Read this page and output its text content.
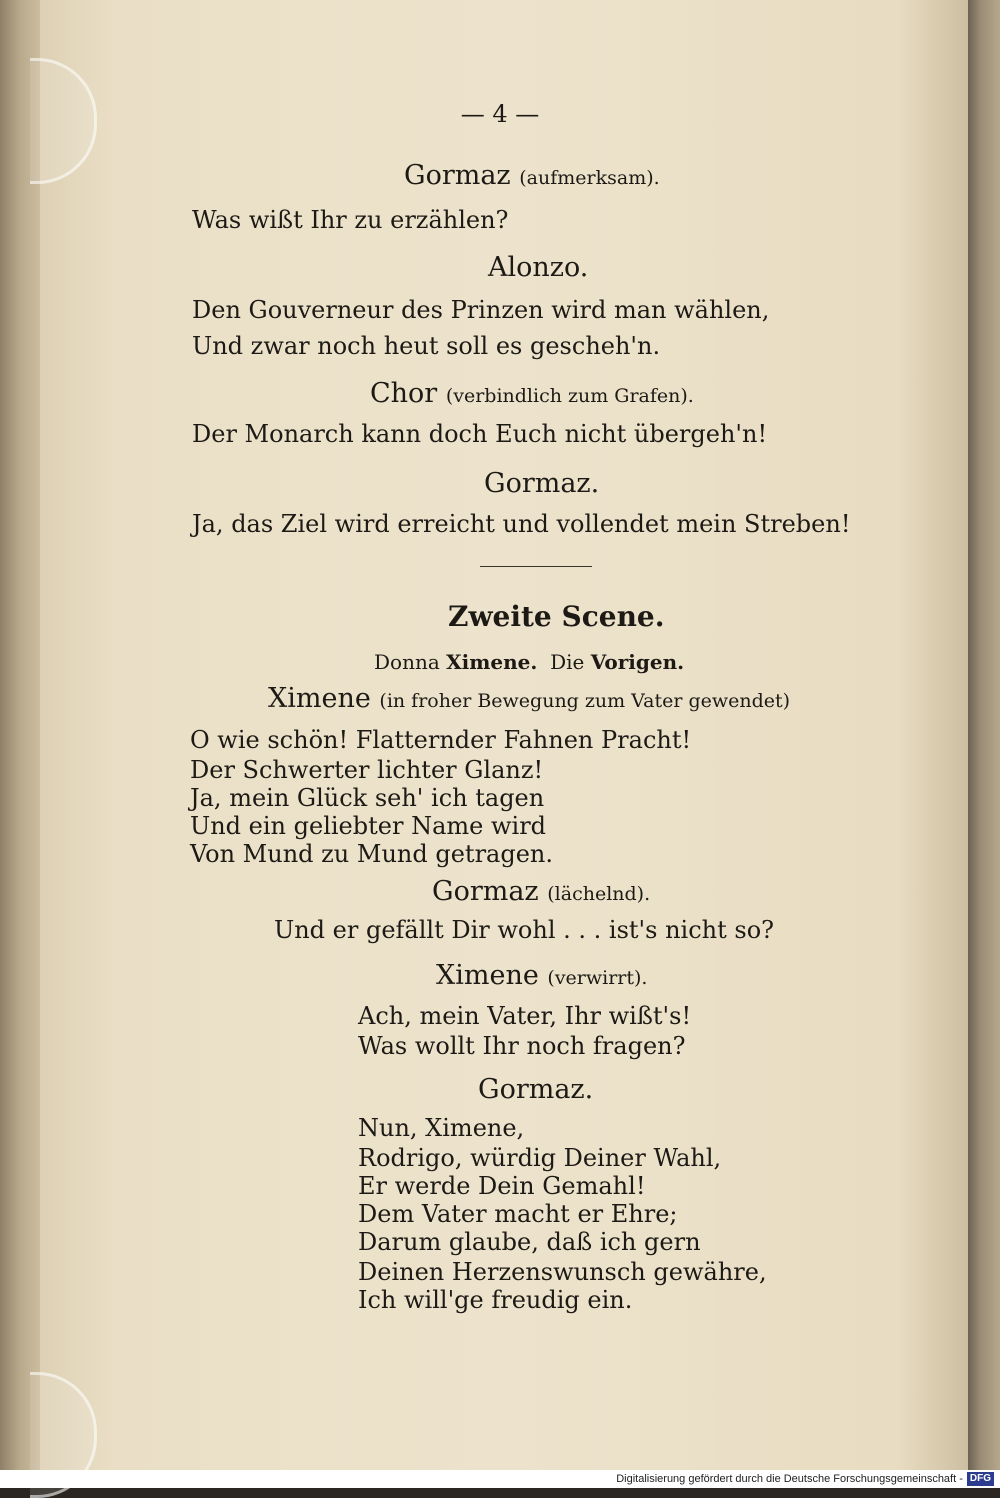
— 4 —
Gormaz (aufmerksam).
Was wißt Ihr zu erzählen?
Alonzo.
Den Gouverneur des Prinzen wird man wählen,
Und zwar noch heut soll es gescheh'n.
Chor (verbindlich zum Grafen).
Der Monarch kann doch Euch nicht übergeh'n!
Gormaz.
Ja, das Ziel wird erreicht und vollendet mein Streben!
Zweite Scene.
Donna Ximene. Die Vorigen.
Ximene (in froher Bewegung zum Vater gewendet)
O wie schön! Flatternder Fahnen Pracht!
Der Schwerter lichter Glanz!
Ja, mein Glück seh' ich tagen
Und ein geliebter Name wird
Von Mund zu Mund getragen.
Gormaz (lächelnd).
Und er gefällt Dir wohl . . . ist's nicht so?
Ximene (verwirrt).
Ach, mein Vater, Ihr wißt's!
Was wollt Ihr noch fragen?
Gormaz.
Nun, Ximene,
Rodrigo, würdig Deiner Wahl,
Er werde Dein Gemahl!
Dem Vater macht er Ehre;
Darum glaube, daß ich gern
Deinen Herzenswunsch gewähre,
Ich will'ge freudig ein.
Digitalisierung gefördert durch die Deutsche Forschungsgemeinschaft - DFG
